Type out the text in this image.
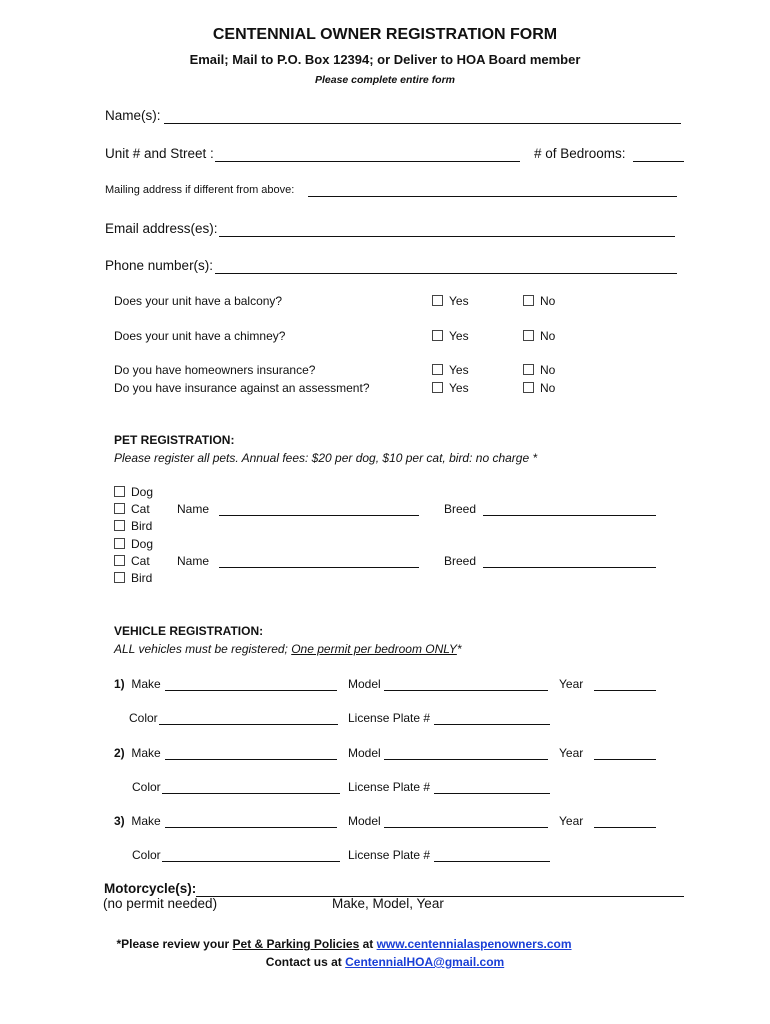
CENTENNIAL OWNER REGISTRATION FORM
Email; Mail to P.O. Box 12394; or Deliver to HOA Board member
Please complete entire form
Name(s):
Unit # and Street :	# of Bedrooms:
Mailing address if different from above:
Email address(es):
Phone number(s):
Does your unit have a balcony?	Yes	No
Does your unit have a chimney?	Yes	No
Do you have homeowners insurance?	Yes	No
Do you have insurance against an assessment?	Yes	No
PET REGISTRATION:
Please register all pets. Annual fees: $20 per dog, $10 per cat, bird: no charge *
Dog
Cat
Bird
Name	Breed
Dog
Cat
Bird
Name	Breed
VEHICLE REGISTRATION:
ALL vehicles must be registered; One permit per bedroom ONLY*
1) Make	Model	Year
Color	License Plate #
2) Make	Model	Year
Color	License Plate #
3) Make	Model	Year
Color	License Plate #
Motorcycle(s):
(no permit needed)	Make, Model, Year
*Please review your Pet & Parking Policies at www.centennialaspenowners.com
Contact us at CentennialHOA@gmail.com
